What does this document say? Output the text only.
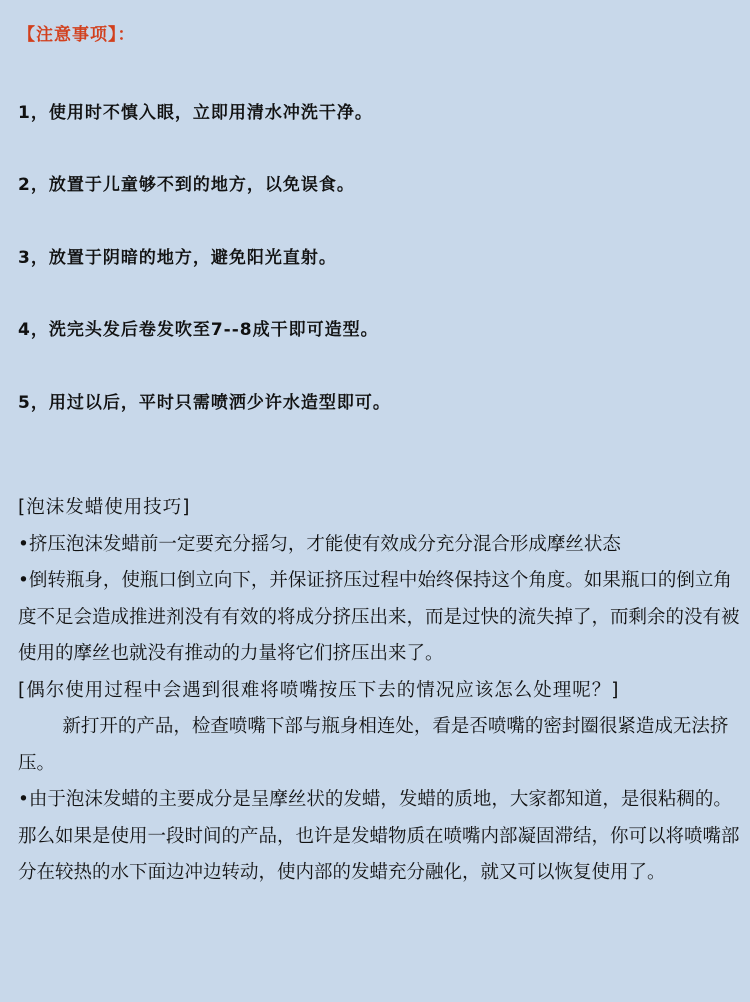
【注意事项】：
1，使用时不慎入眼，立即用清水冲洗干净。
2，放置于儿童够不到的地方，以免误食。
3，放置于阴暗的地方，避免阳光直射。
4，洗完头发后卷发吹至7--8成干即可造型。
5，用过以后，平时只需喷洒少许水造型即可。

[泡沫发蜡使用技巧]

•挤压泡沫发蜡前一定要充分摇匀，才能使有效成分充分混合形成摩丝状态

•倒转瓶身，使瓶口倒立向下，并保证挤压过程中始终保持这个角度。如果瓶口的倒立角度不足会造成推进剂没有有效的将成分挤压出来，而是过快的流失掉了，而剩余的没有被使用的摩丝也就没有推动的力量将它们挤压出来了。

[偶尔使用过程中会遇到很难将喷嘴按压下去的情况应该怎么处理呢？]

新打开的产品，检查喷嘴下部与瓶身相连处，看是否喷嘴的密封圈很紧造成无法挤压。

•由于泡沫发蜡的主要成分是呈摩丝状的发蜡，发蜡的质地，大家都知道，是很粘稠的。那么如果是使用一段时间的产品，也许是发蜡物质在喷嘴内部凝固滞结，你可以将喷嘴部分在较热的水下面边冲边转动，使内部的发蜡充分融化，就又可以恢复使用了。
